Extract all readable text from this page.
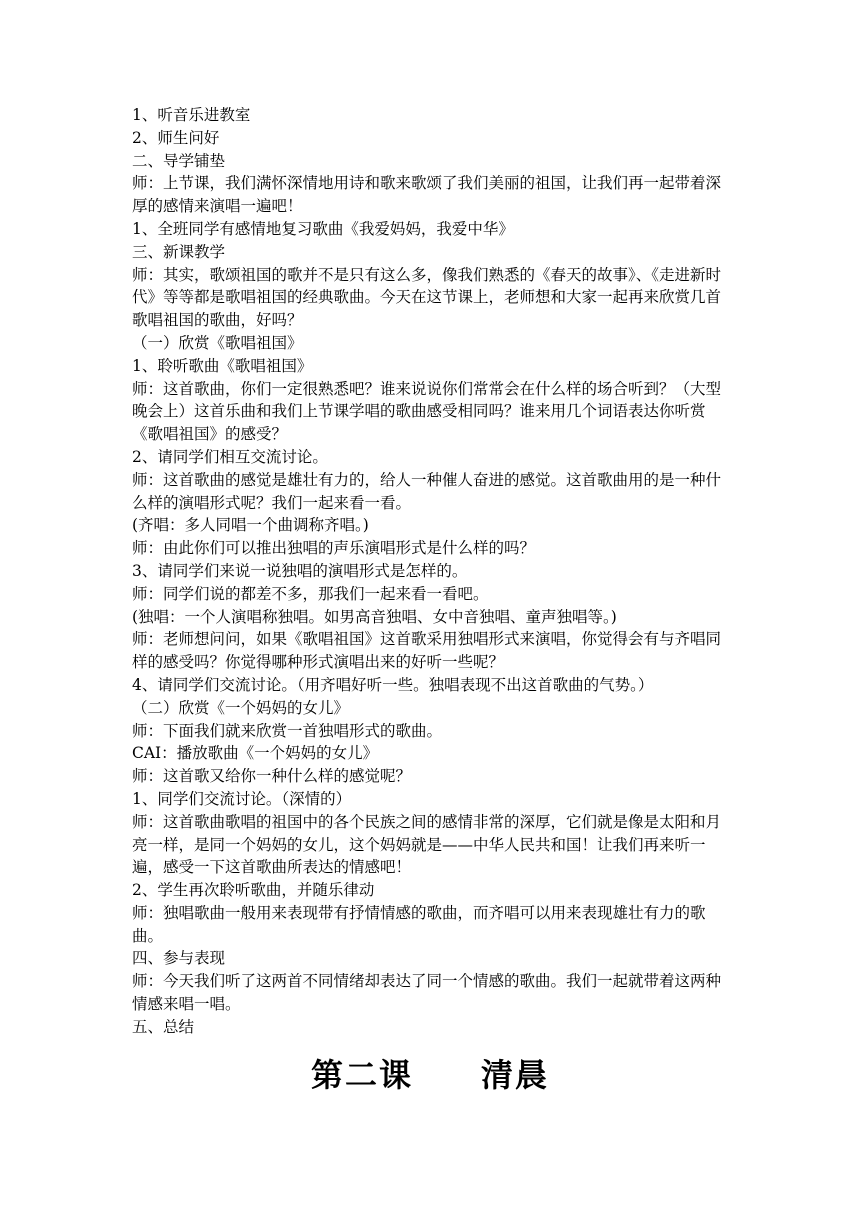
1、听音乐进教室

2、师生问好

二、导学铺垫

师：上节课，我们满怀深情地用诗和歌来歌颂了我们美丽的祖国，让我们再一起带着深厚的感情来演唱一遍吧！

1、全班同学有感情地复习歌曲《我爱妈妈，我爱中华》

三、新课教学

师：其实，歌颂祖国的歌并不是只有这么多，像我们熟悉的《春天的故事》、《走进新时代》等等都是歌唱祖国的经典歌曲。今天在这节课上，老师想和大家一起再来欣赏几首歌唱祖国的歌曲，好吗？

（一）欣赏《歌唱祖国》

1、聆听歌曲《歌唱祖国》

师：这首歌曲，你们一定很熟悉吧？谁来说说你们常常会在什么样的场合听到？（大型晚会上）这首乐曲和我们上节课学唱的歌曲感受相同吗？谁来用几个词语表达你听赏《歌唱祖国》的感受？

2、请同学们相互交流讨论。

师：这首歌曲的感觉是雄壮有力的，给人一种催人奋进的感觉。这首歌曲用的是一种什么样的演唱形式呢？我们一起来看一看。

(齐唱：多人同唱一个曲调称齐唱。)

师：由此你们可以推出独唱的声乐演唱形式是什么样的吗？

3、请同学们来说一说独唱的演唱形式是怎样的。

师：同学们说的都差不多，那我们一起来看一看吧。

(独唱：一个人演唱称独唱。如男高音独唱、女中音独唱、童声独唱等。)

师：老师想问问，如果《歌唱祖国》这首歌采用独唱形式来演唱，你觉得会有与齐唱同样的感受吗？你觉得哪种形式演唱出来的好听一些呢？

4、请同学们交流讨论。（用齐唱好听一些。独唱表现不出这首歌曲的气势。）

（二）欣赏《一个妈妈的女儿》

师：下面我们就来欣赏一首独唱形式的歌曲。

CAI：播放歌曲《一个妈妈的女儿》

师：这首歌又给你一种什么样的感觉呢？

1、同学们交流讨论。（深情的）

师：这首歌曲歌唱的祖国中的各个民族之间的感情非常的深厚，它们就是像是太阳和月亮一样，是同一个妈妈的女儿，这个妈妈就是——中华人民共和国！让我们再来听一遍，感受一下这首歌曲所表达的情感吧！

2、学生再次聆听歌曲，并随乐律动

师：独唱歌曲一般用来表现带有抒情情感的歌曲，而齐唱可以用来表现雄壮有力的歌曲。

四、参与表现

师：今天我们听了这两首不同情绪却表达了同一个情感的歌曲。我们一起就带着这两种情感来唱一唱。

五、总结

第二课　　清晨
